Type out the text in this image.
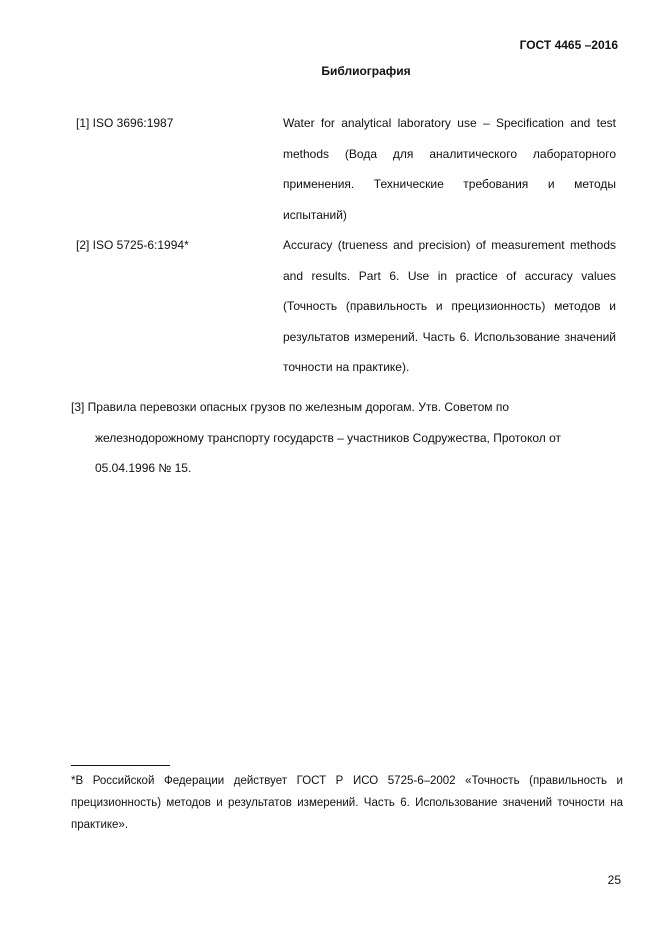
ГОСТ 4465 –2016
Библиография
[1] ISO 3696:1987	Water for analytical laboratory use – Specification and test methods (Вода для аналитического лабораторного применения. Технические требования и методы испытаний)
[2] ISO 5725-6:1994*	Accuracy (trueness and precision) of measurement methods and results. Part 6. Use in practice of accuracy values (Точность (правильность и прецизионность) методов и результатов измерений. Часть 6. Использование значений точности на практике).
[3] Правила перевозки опасных грузов по железным дорогам. Утв. Советом по железнодорожному транспорту государств – участников Содружества, Протокол от 05.04.1996 № 15.
*В Российской Федерации действует ГОСТ Р ИСО 5725-6–2002 «Точность (правильность и прецизионность) методов и результатов измерений. Часть 6. Использование значений точности на практике».
25
